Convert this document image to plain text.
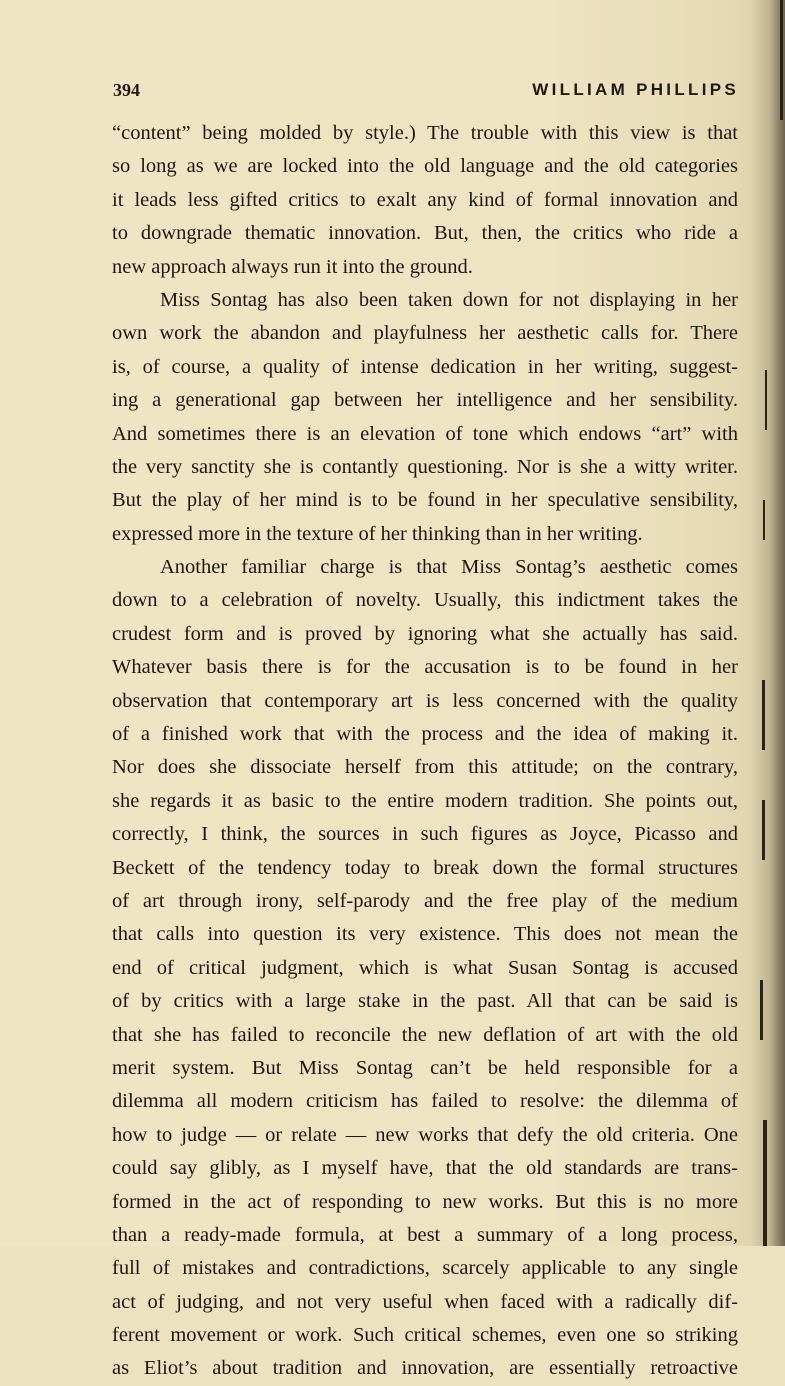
394	WILLIAM PHILLIPS
“content” being molded by style.) The trouble with this view is that
so long as we are locked into the old language and the old categories
it leads less gifted critics to exalt any kind of formal innovation and
to downgrade thematic innovation. But, then, the critics who ride a
new approach always run it into the ground.
Miss Sontag has also been taken down for not displaying in her
own work the abandon and playfulness her aesthetic calls for. There
is, of course, a quality of intense dedication in her writing, suggest-
ing a generational gap between her intelligence and her sensibility.
And sometimes there is an elevation of tone which endows “art” with
the very sanctity she is contantly questioning. Nor is she a witty writer.
But the play of her mind is to be found in her speculative sensibility,
expressed more in the texture of her thinking than in her writing.
Another familiar charge is that Miss Sontag’s aesthetic comes
down to a celebration of novelty. Usually, this indictment takes the
crudest form and is proved by ignoring what she actually has said.
Whatever basis there is for the accusation is to be found in her
observation that contemporary art is less concerned with the quality
of a finished work that with the process and the idea of making it.
Nor does she dissociate herself from this attitude; on the contrary,
she regards it as basic to the entire modern tradition. She points out,
correctly, I think, the sources in such figures as Joyce, Picasso and
Beckett of the tendency today to break down the formal structures
of art through irony, self-parody and the free play of the medium
that calls into question its very existence. This does not mean the
end of critical judgment, which is what Susan Sontag is accused
of by critics with a large stake in the past. All that can be said is
that she has failed to reconcile the new deflation of art with the old
merit system. But Miss Sontag can’t be held responsible for a
dilemma all modern criticism has failed to resolve: the dilemma of
how to judge — or relate — new works that defy the old criteria. One
could say glibly, as I myself have, that the old standards are trans-
formed in the act of responding to new works. But this is no more
than a ready-made formula, at best a summary of a long process,
full of mistakes and contradictions, scarcely applicable to any single
act of judging, and not very useful when faced with a radically dif-
ferent movement or work. Such critical schemes, even one so striking
as Eliot’s about tradition and innovation, are essentially retroactive
